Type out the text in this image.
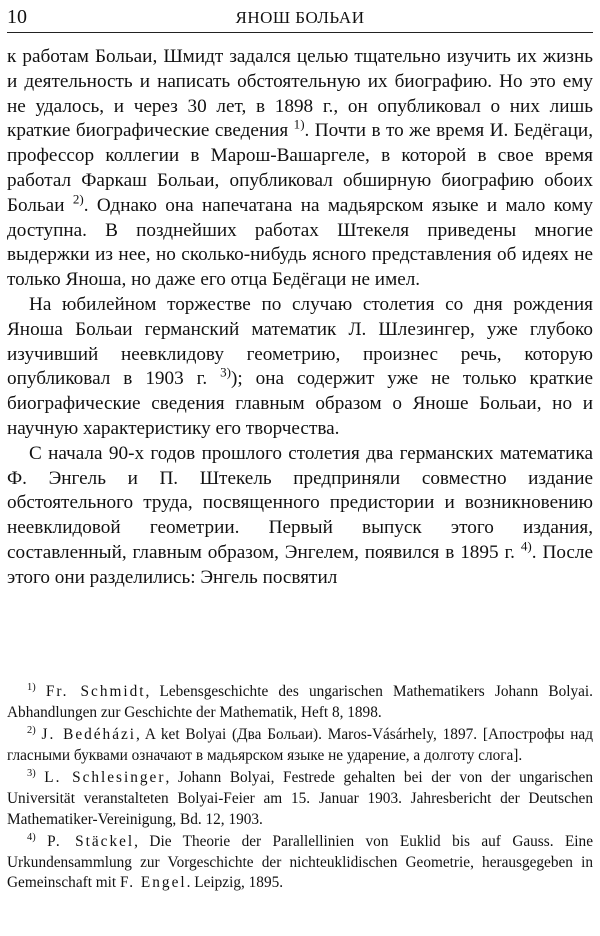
10	ЯНОШ БОЛЬАИ

к работам Больаи, Шмидт задался целью тщательно изучить их жизнь и деятельность и написать обстоятельную их биографию. Но это ему не удалось, и через 30 лет, в 1898 г., он опубликовал о них лишь краткие биографические сведения $^{1)}$. Почти в то же время И. Бедёгаци, профессор коллегии в Марош-Вашаргеле, в которой в свое время работал Фаркаш Больаи, опубликовал обширную биографию обоих Больаи $^{2)}$. Однако она напечатана на мадьярском языке и мало кому доступна. В позднейших работах Штекеля приведены многие выдержки из нее, но сколько-нибудь ясного представления об идеях не только Яноша, но даже его отца Бедёгаци не имел.

На юбилейном торжестве по случаю столетия со дня рождения Яноша Больаи германский математик Л. Шлезингер, уже глубоко изучивший неевклидову геометрию, произнес речь, которую опубликовал в 1903 г. $^{3)}$); она содержит уже не только краткие биографические сведения главным образом о Яноше Больаи, но и научную характеристику его творчества.

С начала 90-х годов прошлого столетия два германских математика Ф. Энгель и П. Штекель предприняли совместно издание обстоятельного труда, посвященного предистории и возникновению неевклидовой геометрии. Первый выпуск этого издания, составленный, главным образом, Энгелем, появился в 1895 г. $^{4)}$. После этого они разделились: Энгель посвятил

$^{1)}$ Fr. Schmidt, Lebensgeschichte des ungarischen Mathematikers Johann Bolyai. Abhandlungen zur Geschichte der Mathematik, Heft 8, 1898.

$^{2)}$ J. Bedéházi, A ket Bolyai (Два Больаи). Maros-Vásárhely, 1897. [Апострофы над гласными буквами означают в мадьярском языке не ударение, а долготу слога].

$^{3)}$ L. Schlesinger, Johann Bolyai, Festrede gehalten bei der von der ungarischen Universität veranstalteten Bolyai-Feier am 15. Januar 1903. Jahresbericht der Deutschen Mathematiker-Vereinigung, Bd. 12, 1903.

$^{4)}$ P. Stäckel, Die Theorie der Parallellinien von Euklid bis auf Gauss. Eine Urkundensammlung zur Vorgeschichte der nichteuklidischen Geometrie, herausgegeben in Gemeinschaft mit F. Engel. Leipzig, 1895.
